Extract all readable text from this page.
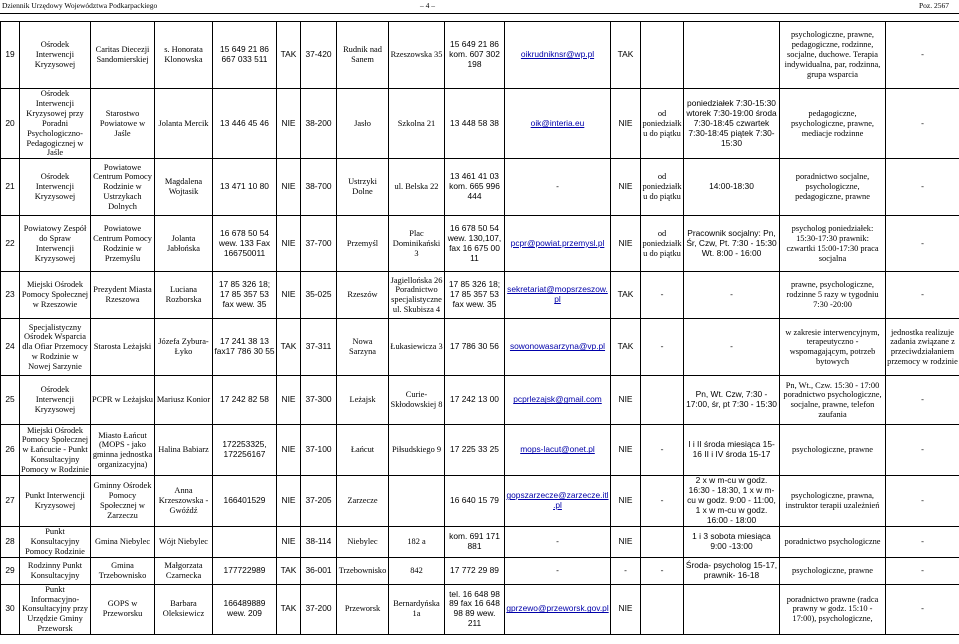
Dziennik Urzędowy Województwa Podkarpackiego	– 4 –	Poz. 2567
19	Ośrodek Interwencji Kryzysowej	Caritas Diecezji Sandomierskiej	s. Honorata Klonowska	15 649 21 86 667 033 511	TAK	37-420	Rudnik nad Sanem	Rzeszowska 35	15 649 21 86 kom. 607 302 198	oikrudniknsr@wp.pl	TAK			psychologiczne, prawne, pedagogiczne, rodzinne, socjalne, duchowe. Terapia indywidualna, par, rodzinna, grupa wsparcia	-
20	Ośrodek Interwencji Kryzysowej przy Poradni Psychologiczno-Pedagogicznej w Jaśle	Starostwo Powiatowe w Jaśle	Jolanta Mercik	13 446 45 46	NIE	38-200	Jasło	Szkolna 21	13 448 58 38	oik@interia.eu	NIE	od poniedziałku do piątku	poniedziałek 7:30-15:30 wtorek 7:30-19:00 środa 7:30-18:45 czwartek 7:30-18:45 piątek 7:30-15:30	pedagogiczne, psychologiczne, prawne, mediacje rodzinne	-
21	Ośrodek Interwencji Kryzysowej	Powiatowe Centrum Pomocy Rodzinie w Ustrzykach Dolnych	Magdalena Wojtasik	13 471 10 80	NIE	38-700	Ustrzyki Dolne	ul. Belska 22	13 461 41 03 kom. 665 996 444	-	NIE	od poniedziałku do piątku	14:00-18:30	poradnictwo socjalne, psychologiczne, pedagogiczne, prawne	-
22	Powiatowy Zespół do Spraw Interwencji Kryzysowej	Powiatowe Centrum Pomocy Rodzinie w Przemyślu	Jolanta Jabłońska	16 678 50 54 wew. 133 Fax 166750011	NIE	37-700	Przemyśl	Plac Dominikański 3	16 678 50 54 wew. 130,107, fax 16 675 00 11	pcpr@powiat.przemysl.pl	NIE	od poniedziałku do piątku	Pracownik socjalny: Pn, Śr, Czw, Pt. 7:30 - 15:30 Wt. 8:00 - 16:00	psycholog poniedziałek: 15:30-17:30 prawnik: czwartki 15:00-17:30 praca socjalna	-
23	Miejski Ośrodek Pomocy Społecznej w Rzeszowie	Prezydent Miasta Rzeszowa	Luciana Rozborska	17 85 326 18; 17 85 357 53 fax wew. 35	NIE	35-025	Rzeszów	Jagiellońska 26 Poradnictwo specjalistyczne ul. Skubisza 4	17 85 326 18; 17 85 357 53 fax wew. 35	sekretariat@mopsrzeszow.pl	TAK	-	-	prawne, psychologiczne, rodzinne 5 razy w tygodniu 7:30 -20:00	-
24	Specjalistyczny Ośrodek Wsparcia dla Ofiar Przemocy w Rodzinie w Nowej Sarzynie	Starosta Leżajski	Józefa Zybura-Łyko	17 241 38 13 fax17 786 30 55	TAK	37-311	Nowa Sarzyna	Łukasiewicza 3	17 786 30 56	sowonowasarzyna@vp.pl	TAK	-	-	w zakresie interwencyjnym, terapeutyczno - wspomagającym, potrzeb bytowych	jednostka realizuje zadania związane z przeciwdziałaniem przemocy w rodzinie
25	Ośrodek Interwencji Kryzysowej	PCPR w Leżajsku	Mariusz Konior	17 242 82 58	NIE	37-300	Leżajsk	Curie-Skłodowskiej 8	17 242 13 00	pcprlezajsk@gmail.com	NIE		Pn, Wt. Czw, 7:30 - 17:00, śr, pt 7:30 - 15:30	Pn, Wt., Czw. 15:30 - 17:00 poradnictwo psychologiczne, socjalne, prawne, telefon zaufania	-
26	Miejski Ośrodek Pomocy Społecznej w Łańcucie - Punkt Konsultacyjny Pomocy w Rodzinie	Miasto Łańcut (MOPS - jako gminna jednostka organizacyjna)	Halina Babiarz	172253325, 172256167	NIE	37-100	Łańcut	Piłsudskiego 9	17 225 33 25	mops-lacut@onet.pl	NIE	-	I i II środa miesiąca 15-16 II i IV środa 15-17	psychologiczne, prawne	-
27	Punkt Interwencji Kryzysowej	Gminny Ośrodek Pomocy Społecznej w Zarzeczu	Anna Krzeszowska - Gwóźdź	166401529	NIE	37-205	Zarzecze		16 640 15 79	gopszarzecze@zarzecze.itl.pl	NIE	-	2 x w m-cu w godz. 16:30 - 18:30, 1 x w m-cu w godz. 9:00 - 11:00, 1 x w m-cu w godz. 16:00 - 18:00	psychologiczne, prawna, instruktor terapii uzależnień	-
28	Punkt Konsultacyjny Pomocy Rodzinie	Gmina Niebylec	Wójt Niebylec		NIE	38-114	Niebylec	182 a	kom. 691 171 881	-	NIE		1 i 3 sobota miesiąca 9:00 -13:00	poradnictwo psychologiczne	-
29	Rodzinny Punkt Konsultacyjny	Gmina Trzebownisko	Małgorzata Czarnecka	177722989	TAK	36-001	Trzebownisko	842	17 772 29 89	-	-	-	Środa- psycholog 15-17, prawnik- 16-18	psychologiczne, prawne	-
30	Punkt Informacyjno-Konsultacyjny przy Urzędzie Gminy Przeworsk	GOPS w Przeworsku	Barbara Oleksiewicz	166489889 wew. 209	TAK	37-200	Przeworsk	Bernardyńska 1a	tel. 16 648 98 89 fax 16 648 98 89 wew. 211	gprzewo@przeworsk.gov.pl	NIE			poradnictwo prawne (radca prawny w godz. 15:10 - 17:00), psychologiczne,	-
